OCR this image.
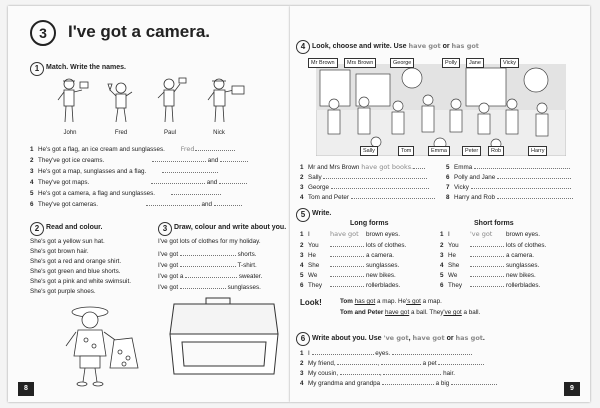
3	I've got a camera.
1 Match. Write the names.
John	Fred	Paul	Nick
1 He's got a flag, an ice cream and sunglasses. Fred
2 They've got ice creams.	and
3 He's got a map, sunglasses and a flag.
4 They've got maps.	and
5 He's got a camera, a flag and sunglasses.
6 They've got cameras.	and
2 Read and colour.
She's got a yellow sun hat.
She's got brown hair.
She's got a red and orange shirt.
She's got green and blue shorts.
She's got a pink and white swimsuit.
She's got purple shoes.
3 Draw, colour and write about you.
I've got lots of clothes for my holiday.
I've got	shorts.
I've got	T-shirt.
I've got a	sweater.
I've got	sunglasses.
8
4 Look, choose and write. Use have got or has got
Mr Brown	Mrs Brown	George	Polly	Jane	Vicky
Sally	Tom	Emma	Peter	Rob	Harry
1 Mr and Mrs Brown have got books.
2 Sally
3 George
4 Tom and Peter
5 Emma
6 Polly and Jane
7 Vicky
8 Harry and Rob
5 Write.
Long forms	Short forms
1 I	have got brown eyes.
2 You	lots of clothes.
3 He	a camera.
4 She	sunglasses.
5 We	new bikes.
6 They	rollerblades.
1 I	've got brown eyes.
2 You	lots of clothes.
3 He	a camera.
4 She	sunglasses.
5 We	new bikes.
6 They	rollerblades.
Look!	Tom has got a map. He's got a map.
Tom and Peter have got a ball. They've got a ball.
6 Write about you. Use 've got, have got or has got.
1 I	eyes.
2 My friend,	,	a pet
3 My cousin,	,	hair.
4 My grandma and grandpa	a big
9
